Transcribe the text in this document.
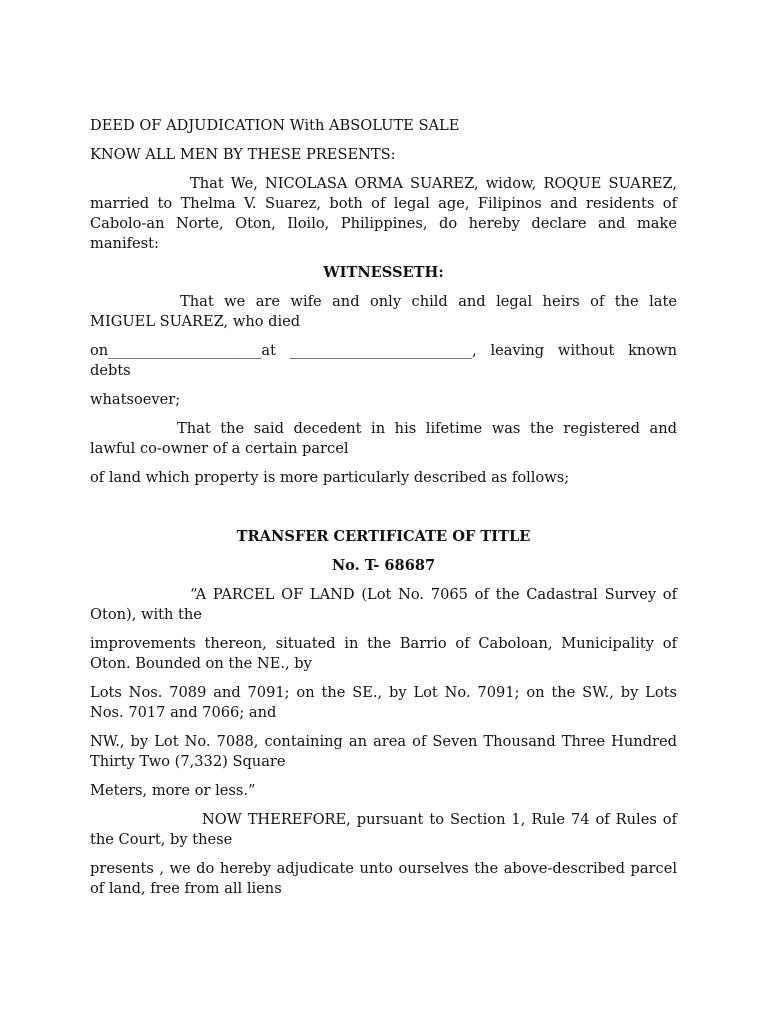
DEED OF ADJUDICATION With ABSOLUTE SALE

KNOW ALL MEN BY THESE PRESENTS:

That We, NICOLASA ORMA SUAREZ, widow, ROQUE SUAREZ, married to Thelma V. Suarez, both of legal age, Filipinos and residents of Cabolo-an Norte, Oton, Iloilo, Philippines, do hereby declare and make manifest:

WITNESSETH:

That we are wife and only child and legal heirs of the late MIGUEL SUAREZ, who died

on_____________________at _________________________, leaving without known debts

whatsoever;

That the said decedent in his lifetime was the registered and lawful co-owner of a certain parcel

of land which property is more particularly described as follows;

TRANSFER CERTIFICATE OF TITLE

No. T- 68687

“A PARCEL OF LAND (Lot No. 7065 of the Cadastral Survey of Oton), with the

improvements thereon, situated in the Barrio of Caboloan, Municipality of Oton. Bounded on the NE., by

Lots Nos. 7089 and 7091; on the SE., by Lot No. 7091; on the SW., by Lots Nos. 7017 and 7066; and

NW., by Lot No. 7088, containing an area of Seven Thousand Three Hundred Thirty Two (7,332) Square

Meters, more or less.”

NOW THEREFORE, pursuant to Section 1, Rule 74 of Rules of the Court, by these

presents , we do hereby adjudicate unto ourselves the above-described parcel of land, free from all liens
